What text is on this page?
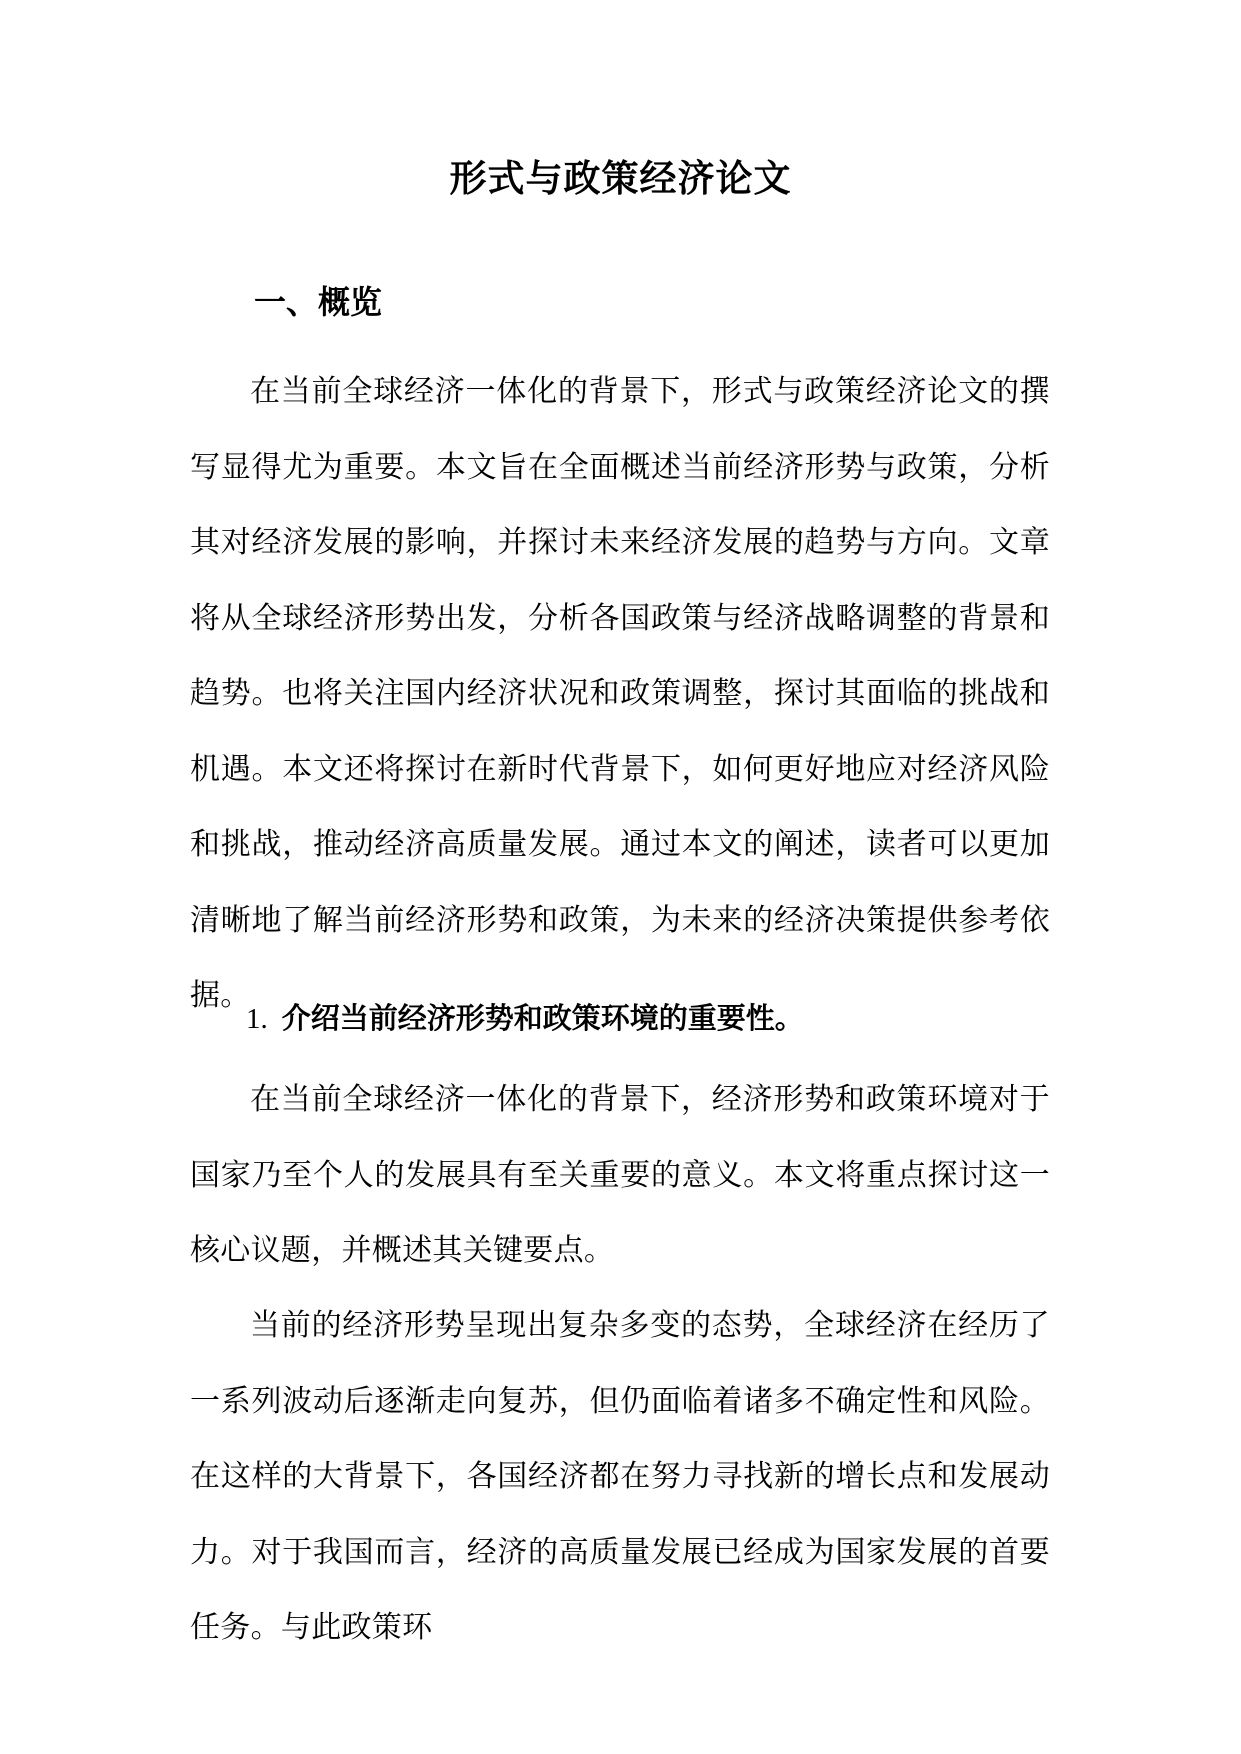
形式与政策经济论文
一、概览

在当前全球经济一体化的背景下，形式与政策经济论文的撰写显得尤为重要。本文旨在全面概述当前经济形势与政策，分析其对经济发展的影响，并探讨未来经济发展的趋势与方向。文章将从全球经济形势出发，分析各国政策与经济战略调整的背景和趋势。也将关注国内经济状况和政策调整，探讨其面临的挑战和机遇。本文还将探讨在新时代背景下，如何更好地应对经济风险和挑战，推动经济高质量发展。通过本文的阐述，读者可以更加清晰地了解当前经济形势和政策，为未来的经济决策提供参考依据。

1. 介绍当前经济形势和政策环境的重要性。

在当前全球经济一体化的背景下，经济形势和政策环境对于国家乃至个人的发展具有至关重要的意义。本文将重点探讨这一核心议题，并概述其关键要点。

当前的经济形势呈现出复杂多变的态势，全球经济在经历了一系列波动后逐渐走向复苏，但仍面临着诸多不确定性和风险。在这样的大背景下，各国经济都在努力寻找新的增长点和发展动力。对于我国而言，经济的高质量发展已经成为国家发展的首要任务。与此政策环
